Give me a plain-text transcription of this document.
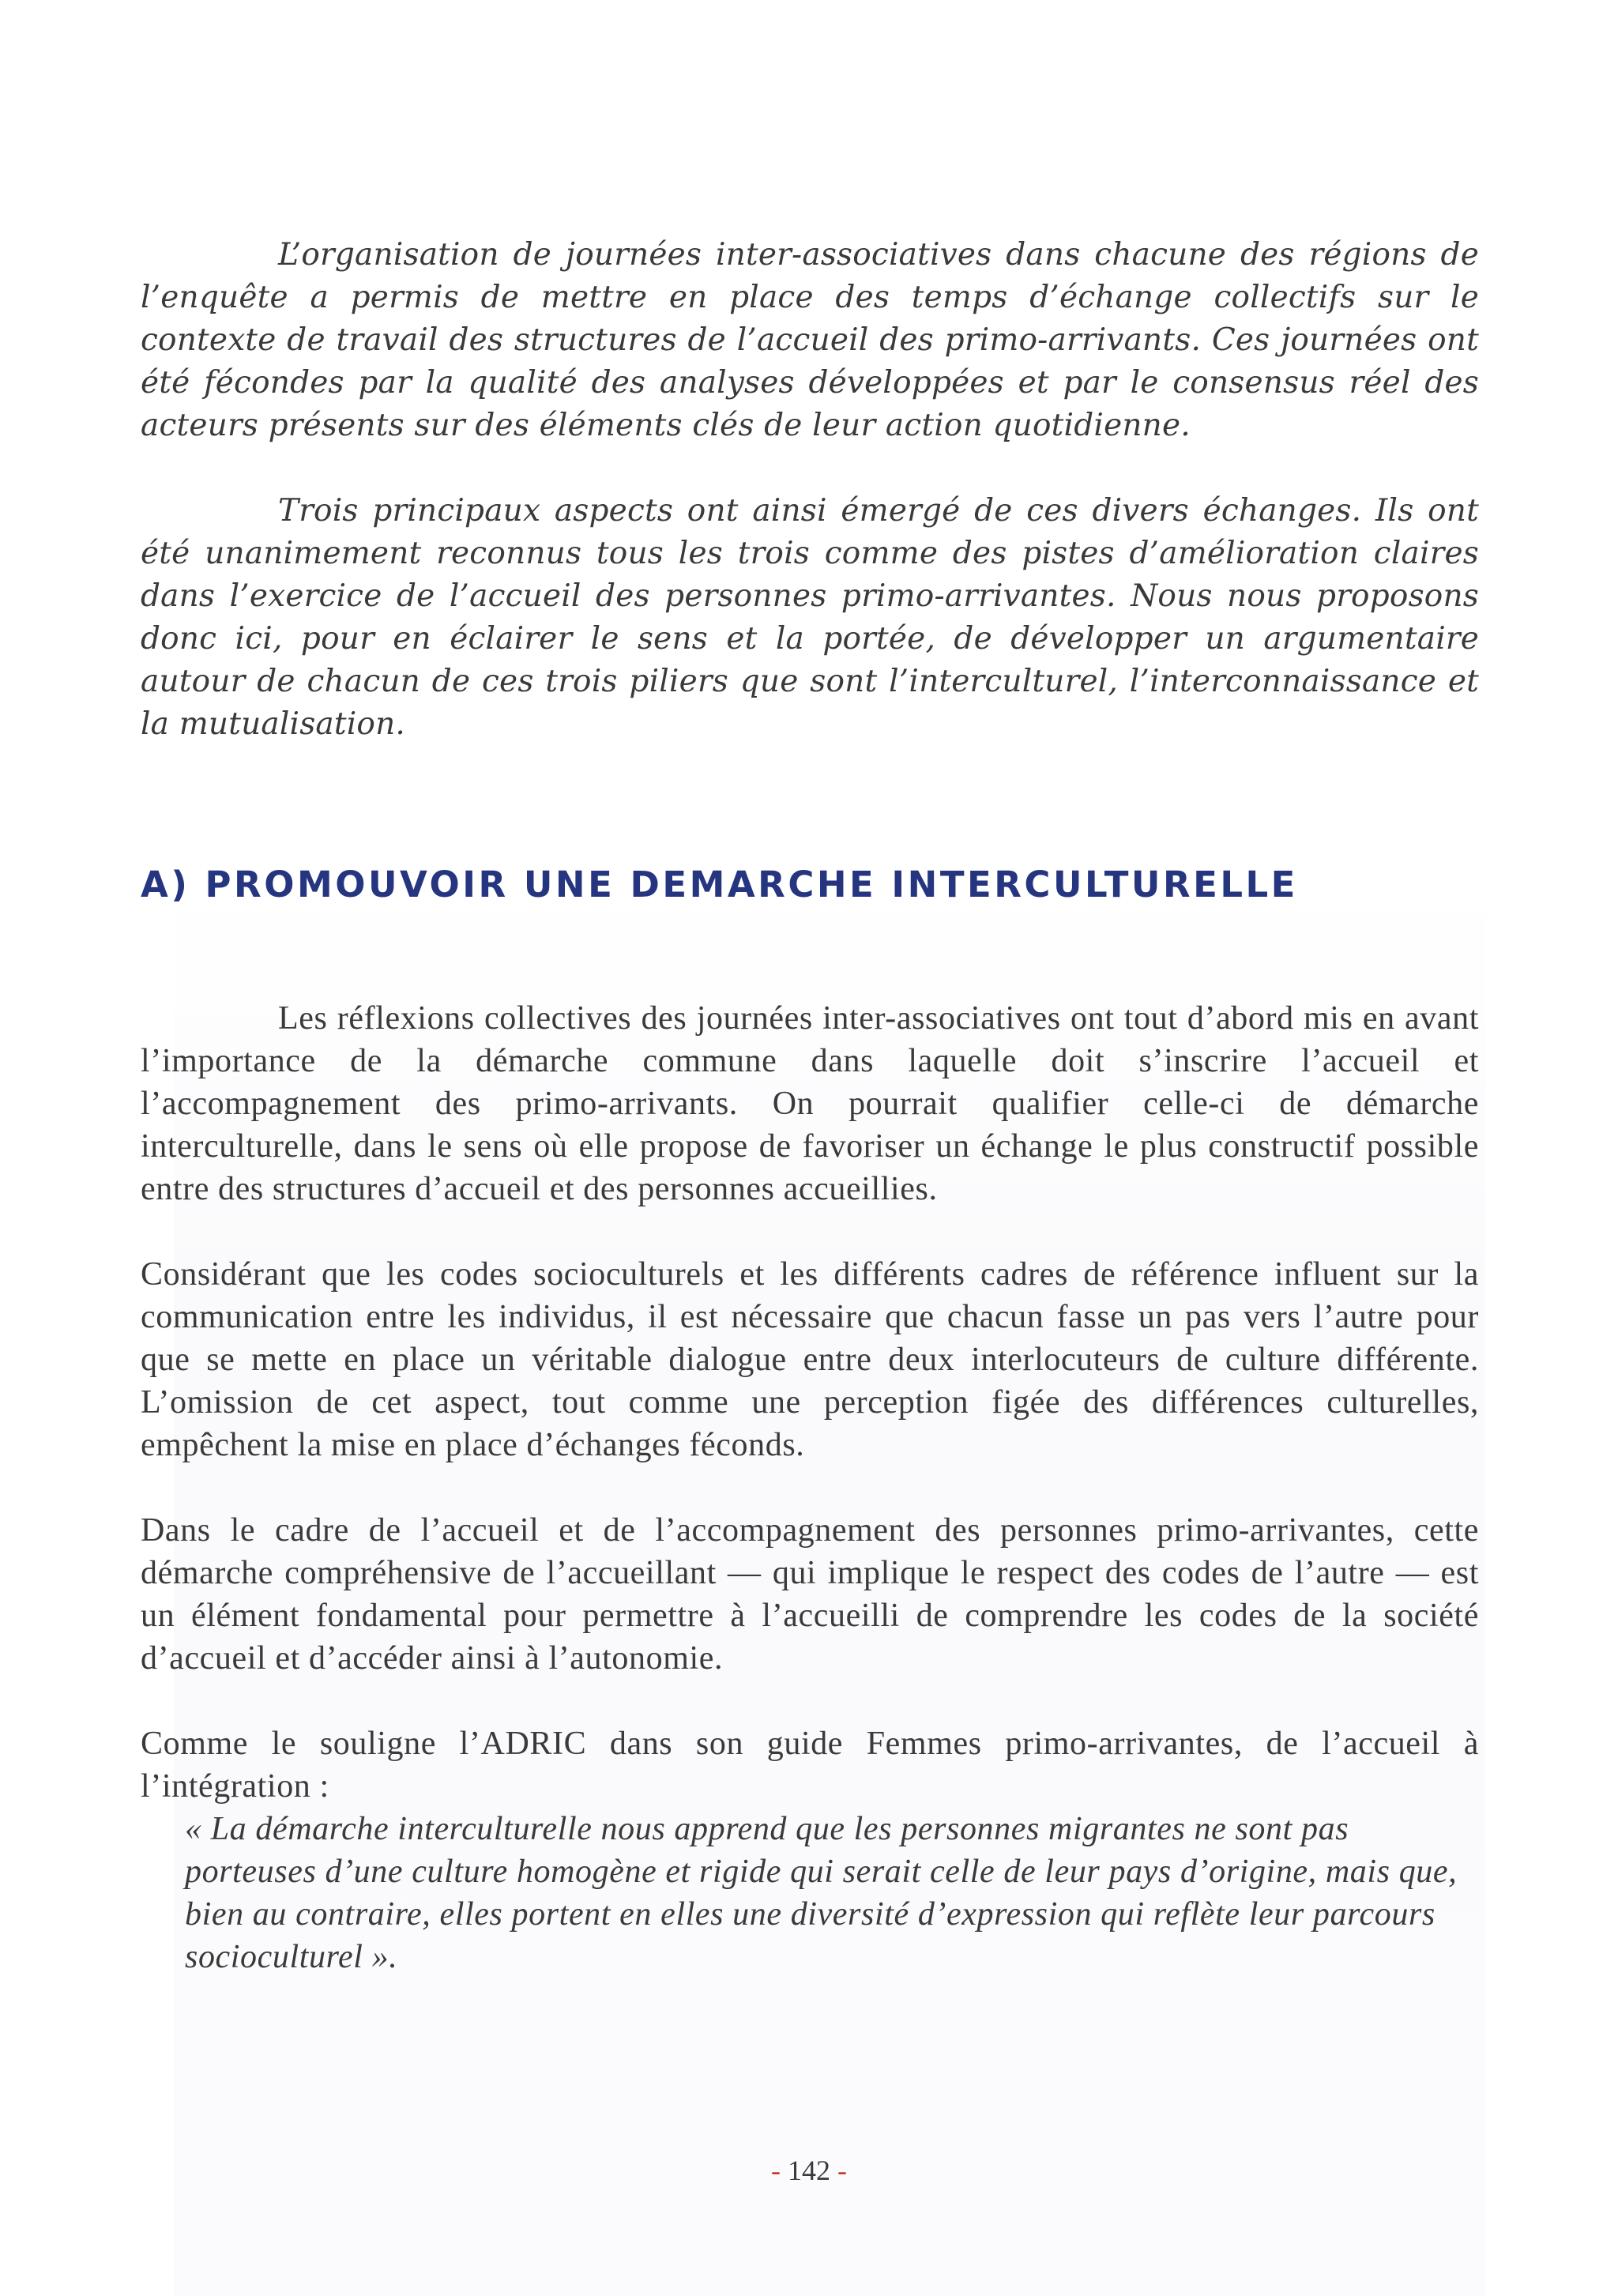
L’organisation de journées inter-associatives dans chacune des régions de l’enquête a permis de mettre en place des temps d’échange collectifs sur le contexte de travail des structures de l’accueil des primo-arrivants. Ces journées ont été fécondes par la qualité des analyses développées et par le consensus réel des acteurs présents sur des éléments clés de leur action quotidienne.

Trois principaux aspects ont ainsi émergé de ces divers échanges. Ils ont été unanimement reconnus tous les trois comme des pistes d’amélioration claires dans l’exercice de l’accueil des personnes primo-arrivantes. Nous nous proposons donc ici, pour en éclairer le sens et la portée, de développer un argumentaire autour de chacun de ces trois piliers que sont l’interculturel, l’interconnaissance et la mutualisation.

A) PROMOUVOIR UNE DEMARCHE INTERCULTURELLE

Les réflexions collectives des journées inter-associatives ont tout d’abord mis en avant l’importance de la démarche commune dans laquelle doit s’inscrire l’accueil et l’accompagnement des primo-arrivants. On pourrait qualifier celle-ci de démarche interculturelle, dans le sens où elle propose de favoriser un échange le plus constructif possible entre des structures d’accueil et des personnes accueillies.

Considérant que les codes socioculturels et les différents cadres de référence influent sur la communication entre les individus, il est nécessaire que chacun fasse un pas vers l’autre pour que se mette en place un véritable dialogue entre deux interlocuteurs de culture différente. L’omission de cet aspect, tout comme une perception figée des différences culturelles, empêchent la mise en place d’échanges féconds.

Dans le cadre de l’accueil et de l’accompagnement des personnes primo-arrivantes, cette démarche compréhensive de l’accueillant — qui implique le respect des codes de l’autre — est un élément fondamental pour permettre à l’accueilli de comprendre les codes de la société d’accueil et d’accéder ainsi à l’autonomie.

Comme le souligne l’ADRIC dans son guide Femmes primo-arrivantes, de l’accueil à l’intégration :

« La démarche interculturelle nous apprend que les personnes migrantes ne sont pas porteuses d’une culture homogène et rigide qui serait celle de leur pays d’origine, mais que, bien au contraire, elles portent en elles une diversité d’expression qui reflète leur parcours socioculturel ».

- 142 -
